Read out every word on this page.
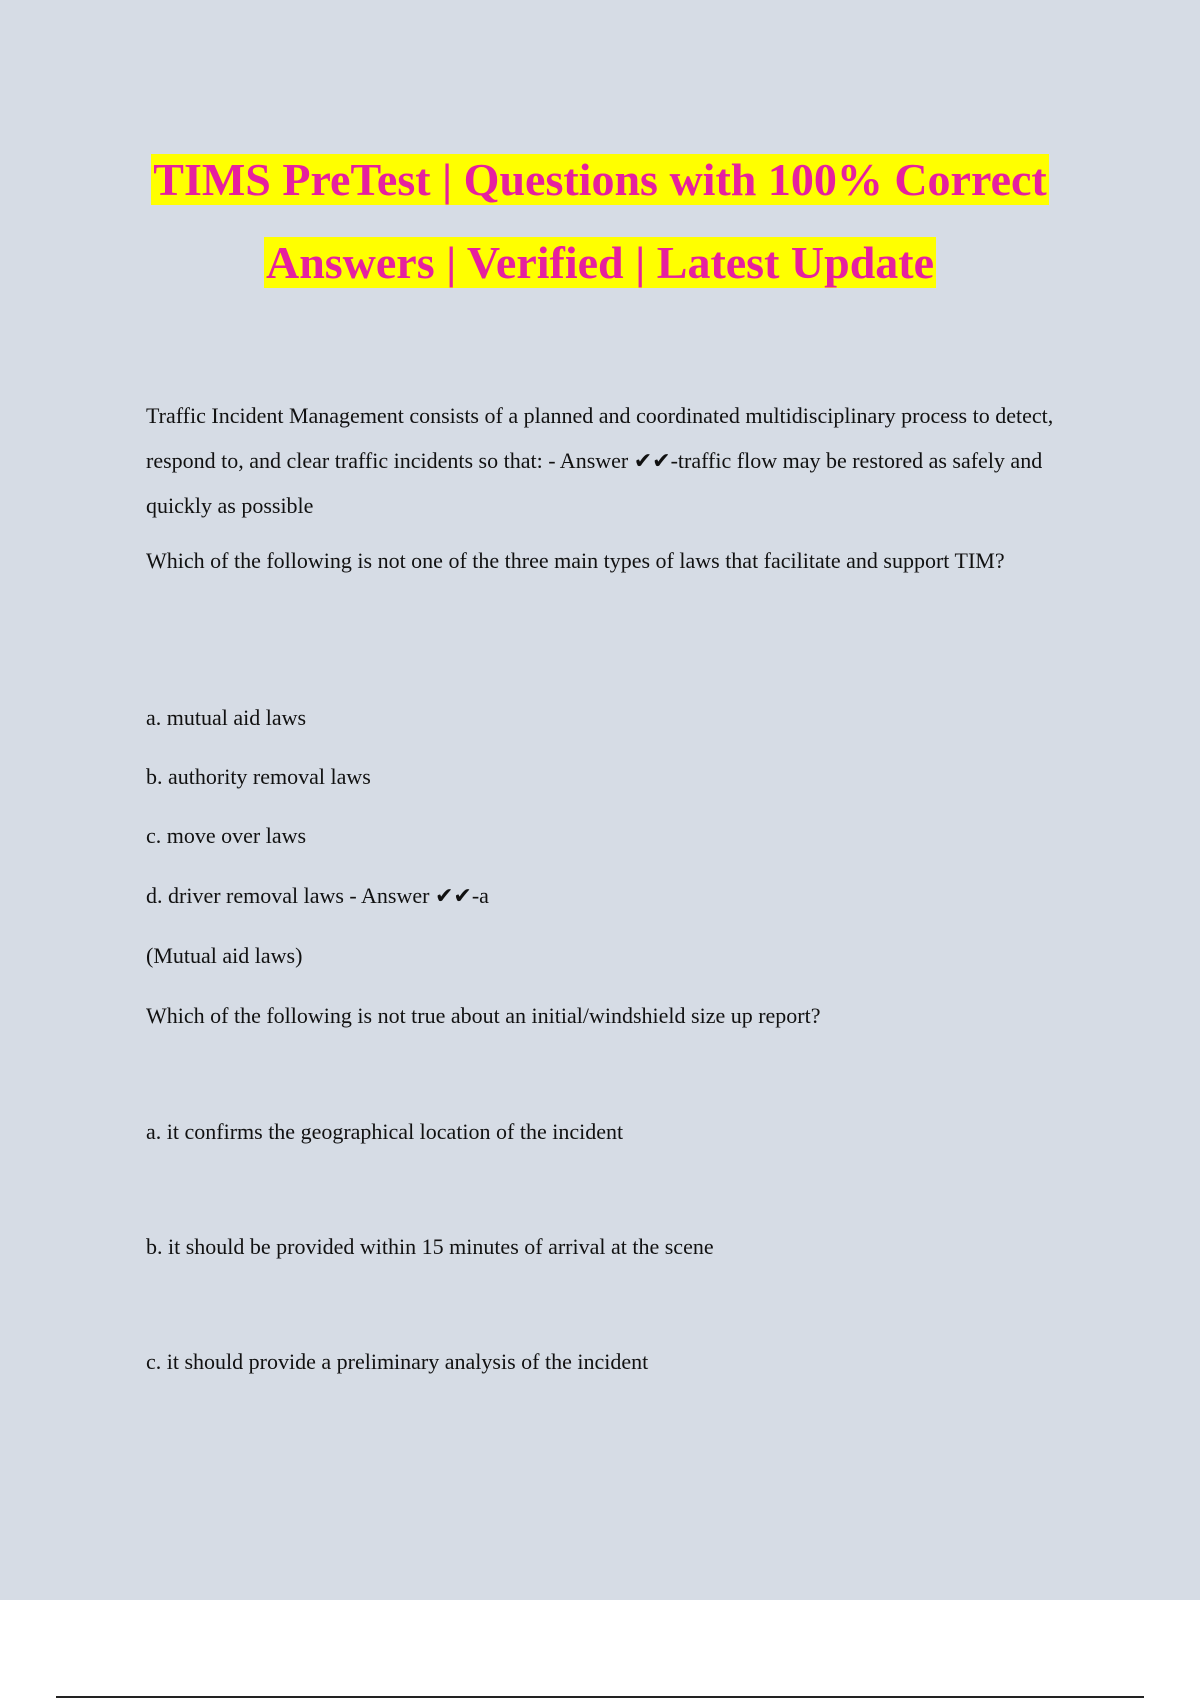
TIMS PreTest | Questions with 100% Correct
Answers | Verified | Latest Update

Traffic Incident Management consists of a planned and coordinated multidisciplinary process to detect, respond to, and clear traffic incidents so that: - Answer ✔✔-traffic flow may be restored as safely and quickly as possible

Which of the following is not one of the three main types of laws that facilitate and support TIM?

a. mutual aid laws

b. authority removal laws

c. move over laws

d. driver removal laws - Answer ✔✔-a

(Mutual aid laws)

Which of the following is not true about an initial/windshield size up report?

a. it confirms the geographical location of the incident

b. it should be provided within 15 minutes of arrival at the scene

c. it should provide a preliminary analysis of the incident
